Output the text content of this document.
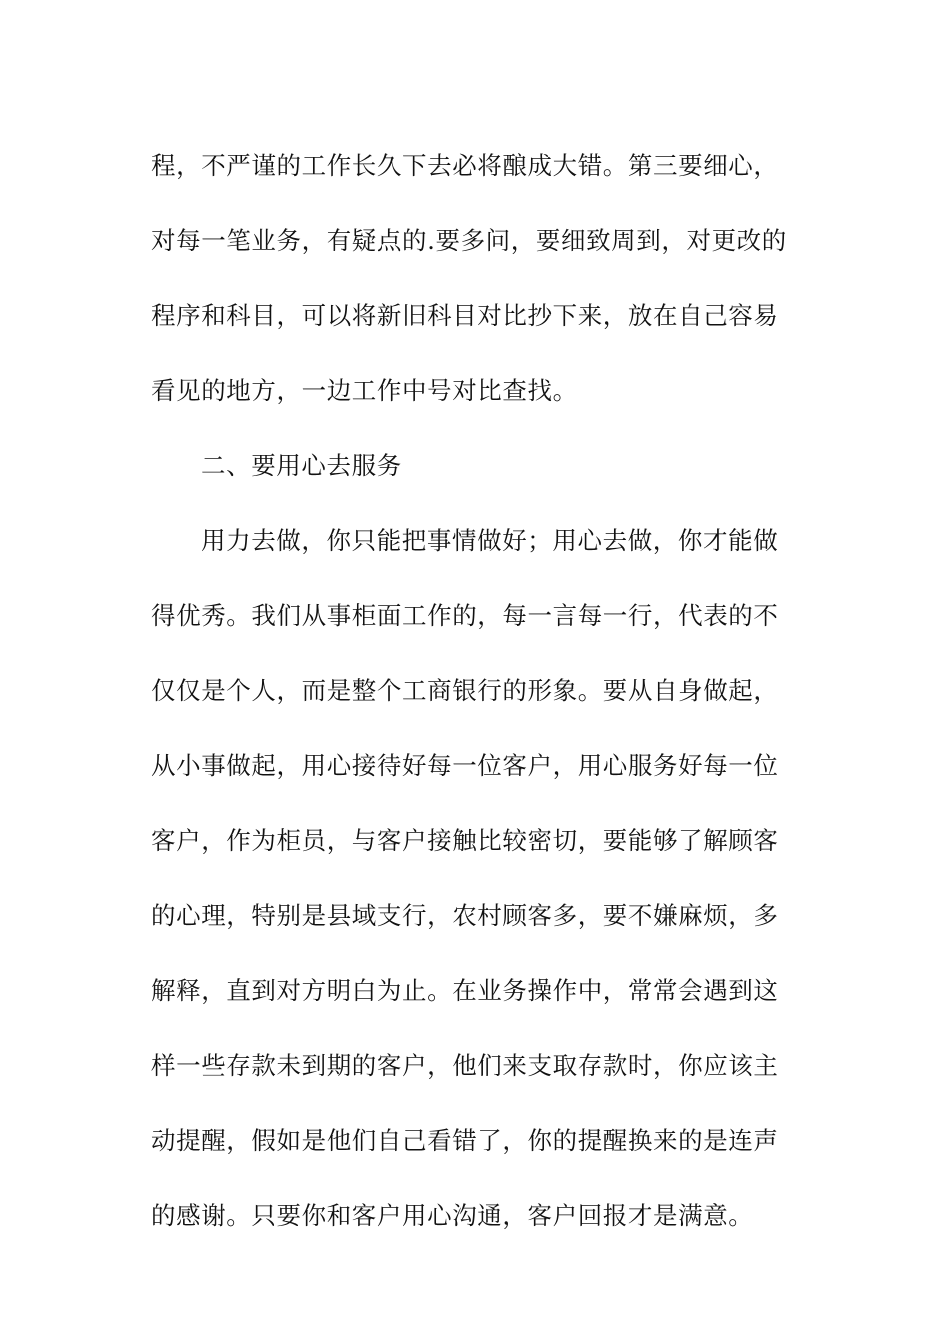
程，不严谨的工作长久下去必将酿成大错。第三要细心，
对每一笔业务，有疑点的.要多问，要细致周到，对更改的
程序和科目，可以将新旧科目对比抄下来，放在自己容易
看见的地方，一边工作中号对比查找。
二、要用心去服务
用力去做，你只能把事情做好；用心去做，你才能做
得优秀。我们从事柜面工作的，每一言每一行，代表的不
仅仅是个人，而是整个工商银行的形象。要从自身做起，
从小事做起，用心接待好每一位客户，用心服务好每一位
客户，作为柜员，与客户接触比较密切，要能够了解顾客
的心理，特别是县域支行，农村顾客多，要不嫌麻烦，多
解释，直到对方明白为止。在业务操作中，常常会遇到这
样一些存款未到期的客户，他们来支取存款时，你应该主
动提醒，假如是他们自己看错了，你的提醒换来的是连声
的感谢。只要你和客户用心沟通，客户回报才是满意。
